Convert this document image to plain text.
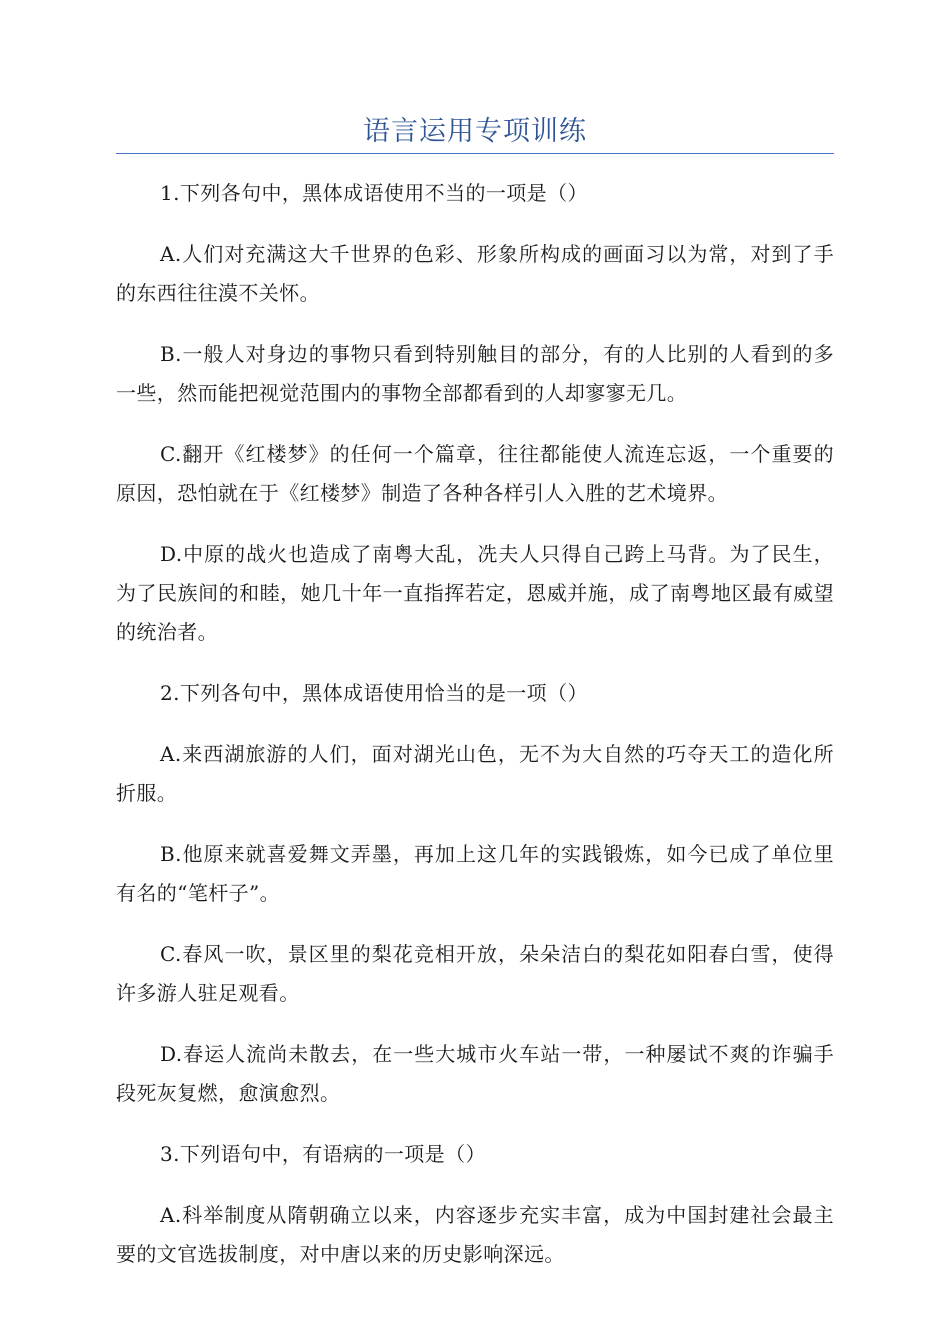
语言运用专项训练

1.下列各句中，黑体成语使用不当的一项是（）

A.人们对充满这大千世界的色彩、形象所构成的画面习以为常，对到了手的东西往往漠不关怀。

B.一般人对身边的事物只看到特别触目的部分，有的人比别的人看到的多一些，然而能把视觉范围内的事物全部都看到的人却寥寥无几。

C.翻开《红楼梦》的任何一个篇章，往往都能使人流连忘返，一个重要的原因，恐怕就在于《红楼梦》制造了各种各样引人入胜的艺术境界。

D.中原的战火也造成了南粤大乱，冼夫人只得自己跨上马背。为了民生，为了民族间的和睦，她几十年一直指挥若定，恩威并施，成了南粤地区最有威望的统治者。

2.下列各句中，黑体成语使用恰当的是一项（）

A.来西湖旅游的人们，面对湖光山色，无不为大自然的巧夺天工的造化所折服。

B.他原来就喜爱舞文弄墨，再加上这几年的实践锻炼，如今已成了单位里有名的“笔杆子”。

C.春风一吹，景区里的梨花竞相开放，朵朵洁白的梨花如阳春白雪，使得许多游人驻足观看。

D.春运人流尚未散去，在一些大城市火车站一带，一种屡试不爽的诈骗手段死灰复燃，愈演愈烈。

3.下列语句中，有语病的一项是（）

A.科举制度从隋朝确立以来，内容逐步充实丰富，成为中国封建社会最主要的文官选拔制度，对中唐以来的历史影响深远。
